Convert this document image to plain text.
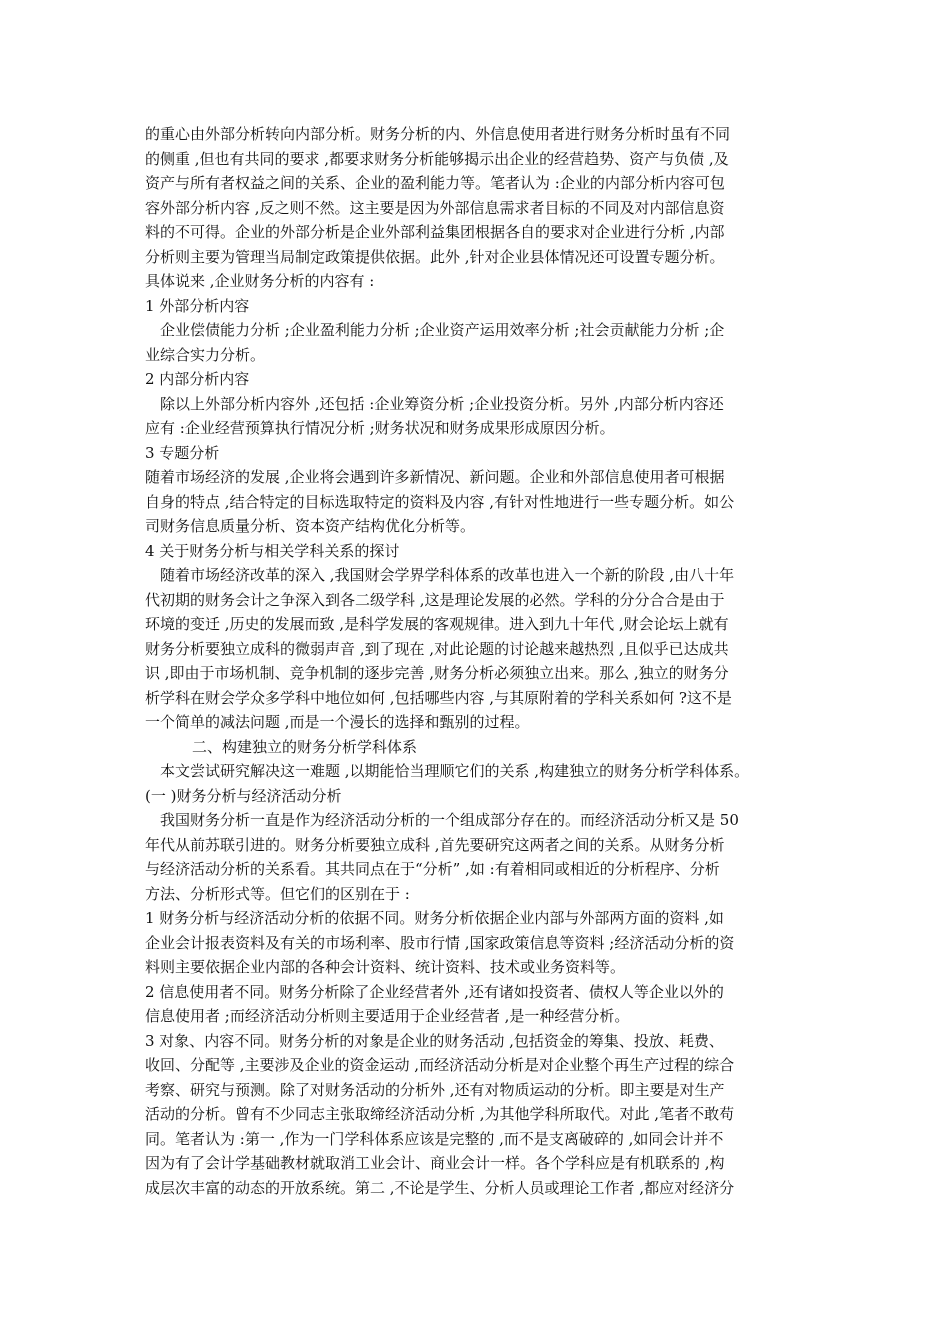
的重心由外部分析转向内部分析。财务分析的内、外信息使用者进行财务分析时虽有不同
的侧重 ,但也有共同的要求 ,都要求财务分析能够揭示出企业的经营趋势、资产与负债 ,及
资产与所有者权益之间的关系、企业的盈利能力等。笔者认为 :企业的内部分析内容可包
容外部分析内容 ,反之则不然。这主要是因为外部信息需求者目标的不同及对内部信息资
料的不可得。企业的外部分析是企业外部利益集团根据各自的要求对企业进行分析 ,内部
分析则主要为管理当局制定政策提供依据。此外 ,针对企业县体情况还可设置专题分析。
具体说来 ,企业财务分析的内容有 :
1 外部分析内容
企业偿债能力分析 ;企业盈利能力分析 ;企业资产运用效率分析 ;社会贡献能力分析 ;企
业综合实力分析。
2 内部分析内容
除以上外部分析内容外 ,还包括 :企业筹资分析 ;企业投资分析。另外 ,内部分析内容还
应有 :企业经营预算执行情况分析 ;财务状况和财务成果形成原因分析。
3 专题分析
随着市场经济的发展 ,企业将会遇到许多新情况、新问题。企业和外部信息使用者可根据
自身的特点 ,结合特定的目标选取特定的资料及内容 ,有针对性地进行一些专题分析。如公
司财务信息质量分析、资本资产结构优化分析等。
4 关于财务分析与相关学科关系的探讨
随着市场经济改革的深入 ,我国财会学界学科体系的改革也进入一个新的阶段 ,由八十年
代初期的财务会计之争深入到各二级学科 ,这是理论发展的必然。学科的分分合合是由于
环境的变迁 ,历史的发展而致 ,是科学发展的客观规律。进入到九十年代 ,财会论坛上就有
财务分析要独立成科的微弱声音 ,到了现在 ,对此论题的讨论越来越热烈 ,且似乎已达成共
识 ,即由于市场机制、竞争机制的逐步完善 ,财务分析必须独立出来。那么 ,独立的财务分
析学科在财会学众多学科中地位如何 ,包括哪些内容 ,与其原附着的学科关系如何 ?这不是
一个简单的减法问题 ,而是一个漫长的选择和甄别的过程。
二、构建独立的财务分析学科体系
本文尝试研究解决这一难题 ,以期能恰当理顺它们的关系 ,构建独立的财务分析学科体系。
(一 )财务分析与经济活动分析
我国财务分析一直是作为经济活动分析的一个组成部分存在的。而经济活动分析又是 50
年代从前苏联引进的。财务分析要独立成科 ,首先要研究这两者之间的关系。从财务分析
与经济活动分析的关系看。其共同点在于“分析” ,如 :有着相同或相近的分析程序、分析
方法、分析形式等。但它们的区别在于 :
1 财务分析与经济活动分析的依据不同。财务分析依据企业内部与外部两方面的资料 ,如
企业会计报表资料及有关的市场利率、股市行情 ,国家政策信息等资料 ;经济活动分析的资
料则主要依据企业内部的各种会计资料、统计资料、技术或业务资料等。
2 信息使用者不同。财务分析除了企业经营者外 ,还有诸如投资者、债权人等企业以外的
信息使用者 ;而经济活动分析则主要适用于企业经营者 ,是一种经营分析。
3 对象、内容不同。财务分析的对象是企业的财务活动 ,包括资金的筹集、投放、耗费、
收回、分配等 ,主要涉及企业的资金运动 ,而经济活动分析是对企业整个再生产过程的综合
考察、研究与预测。除了对财务活动的分析外 ,还有对物质运动的分析。即主要是对生产
活动的分析。曾有不少同志主张取缔经济活动分析 ,为其他学科所取代。对此 ,笔者不敢苟
同。笔者认为 :第一 ,作为一门学科体系应该是完整的 ,而不是支离破碎的 ,如同会计并不
因为有了会计学基础教材就取消工业会计、商业会计一样。各个学科应是有机联系的 ,构
成层次丰富的动态的开放系统。第二 ,不论是学生、分析人员或理论工作者 ,都应对经济分
